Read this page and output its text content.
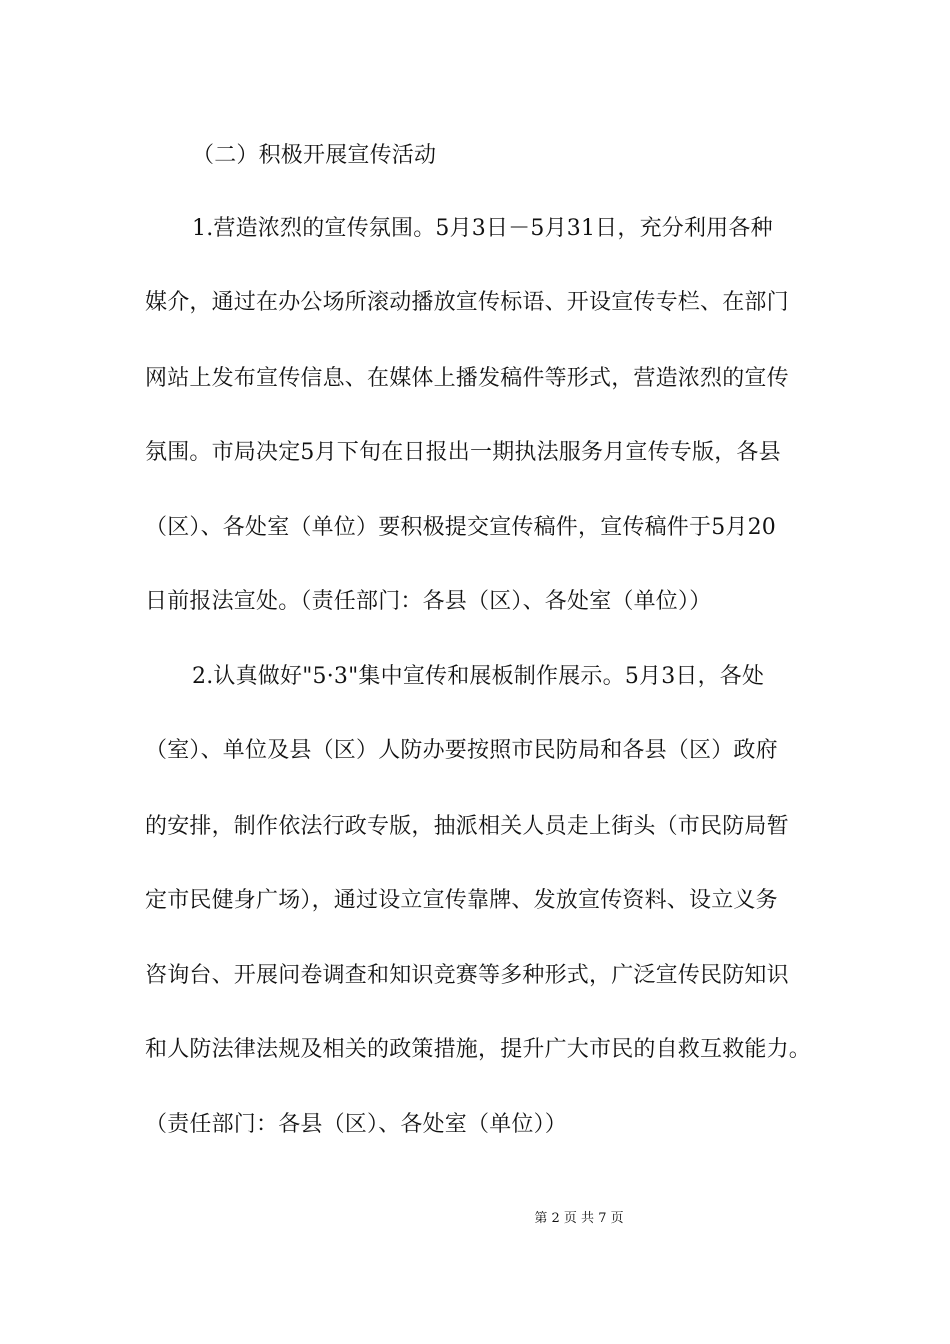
（二）积极开展宣传活动
1.营造浓烈的宣传氛围。5月3日－5月31日，充分利用各种
媒介，通过在办公场所滚动播放宣传标语、开设宣传专栏、在部门
网站上发布宣传信息、在媒体上播发稿件等形式，营造浓烈的宣传
氛围。市局决定5月下旬在日报出一期执法服务月宣传专版，各县
（区）、各处室（单位）要积极提交宣传稿件，宣传稿件于5月20
日前报法宣处。（责任部门：各县（区）、各处室（单位））
2.认真做好"5·3"集中宣传和展板制作展示。5月3日，各处
（室）、单位及县（区）人防办要按照市民防局和各县（区）政府
的安排，制作依法行政专版，抽派相关人员走上街头（市民防局暂
定市民健身广场），通过设立宣传靠牌、发放宣传资料、设立义务
咨询台、开展问卷调查和知识竞赛等多种形式，广泛宣传民防知识
和人防法律法规及相关的政策措施，提升广大市民的自救互救能力。
（责任部门：各县（区）、各处室（单位））
第 2 页 共 7 页
